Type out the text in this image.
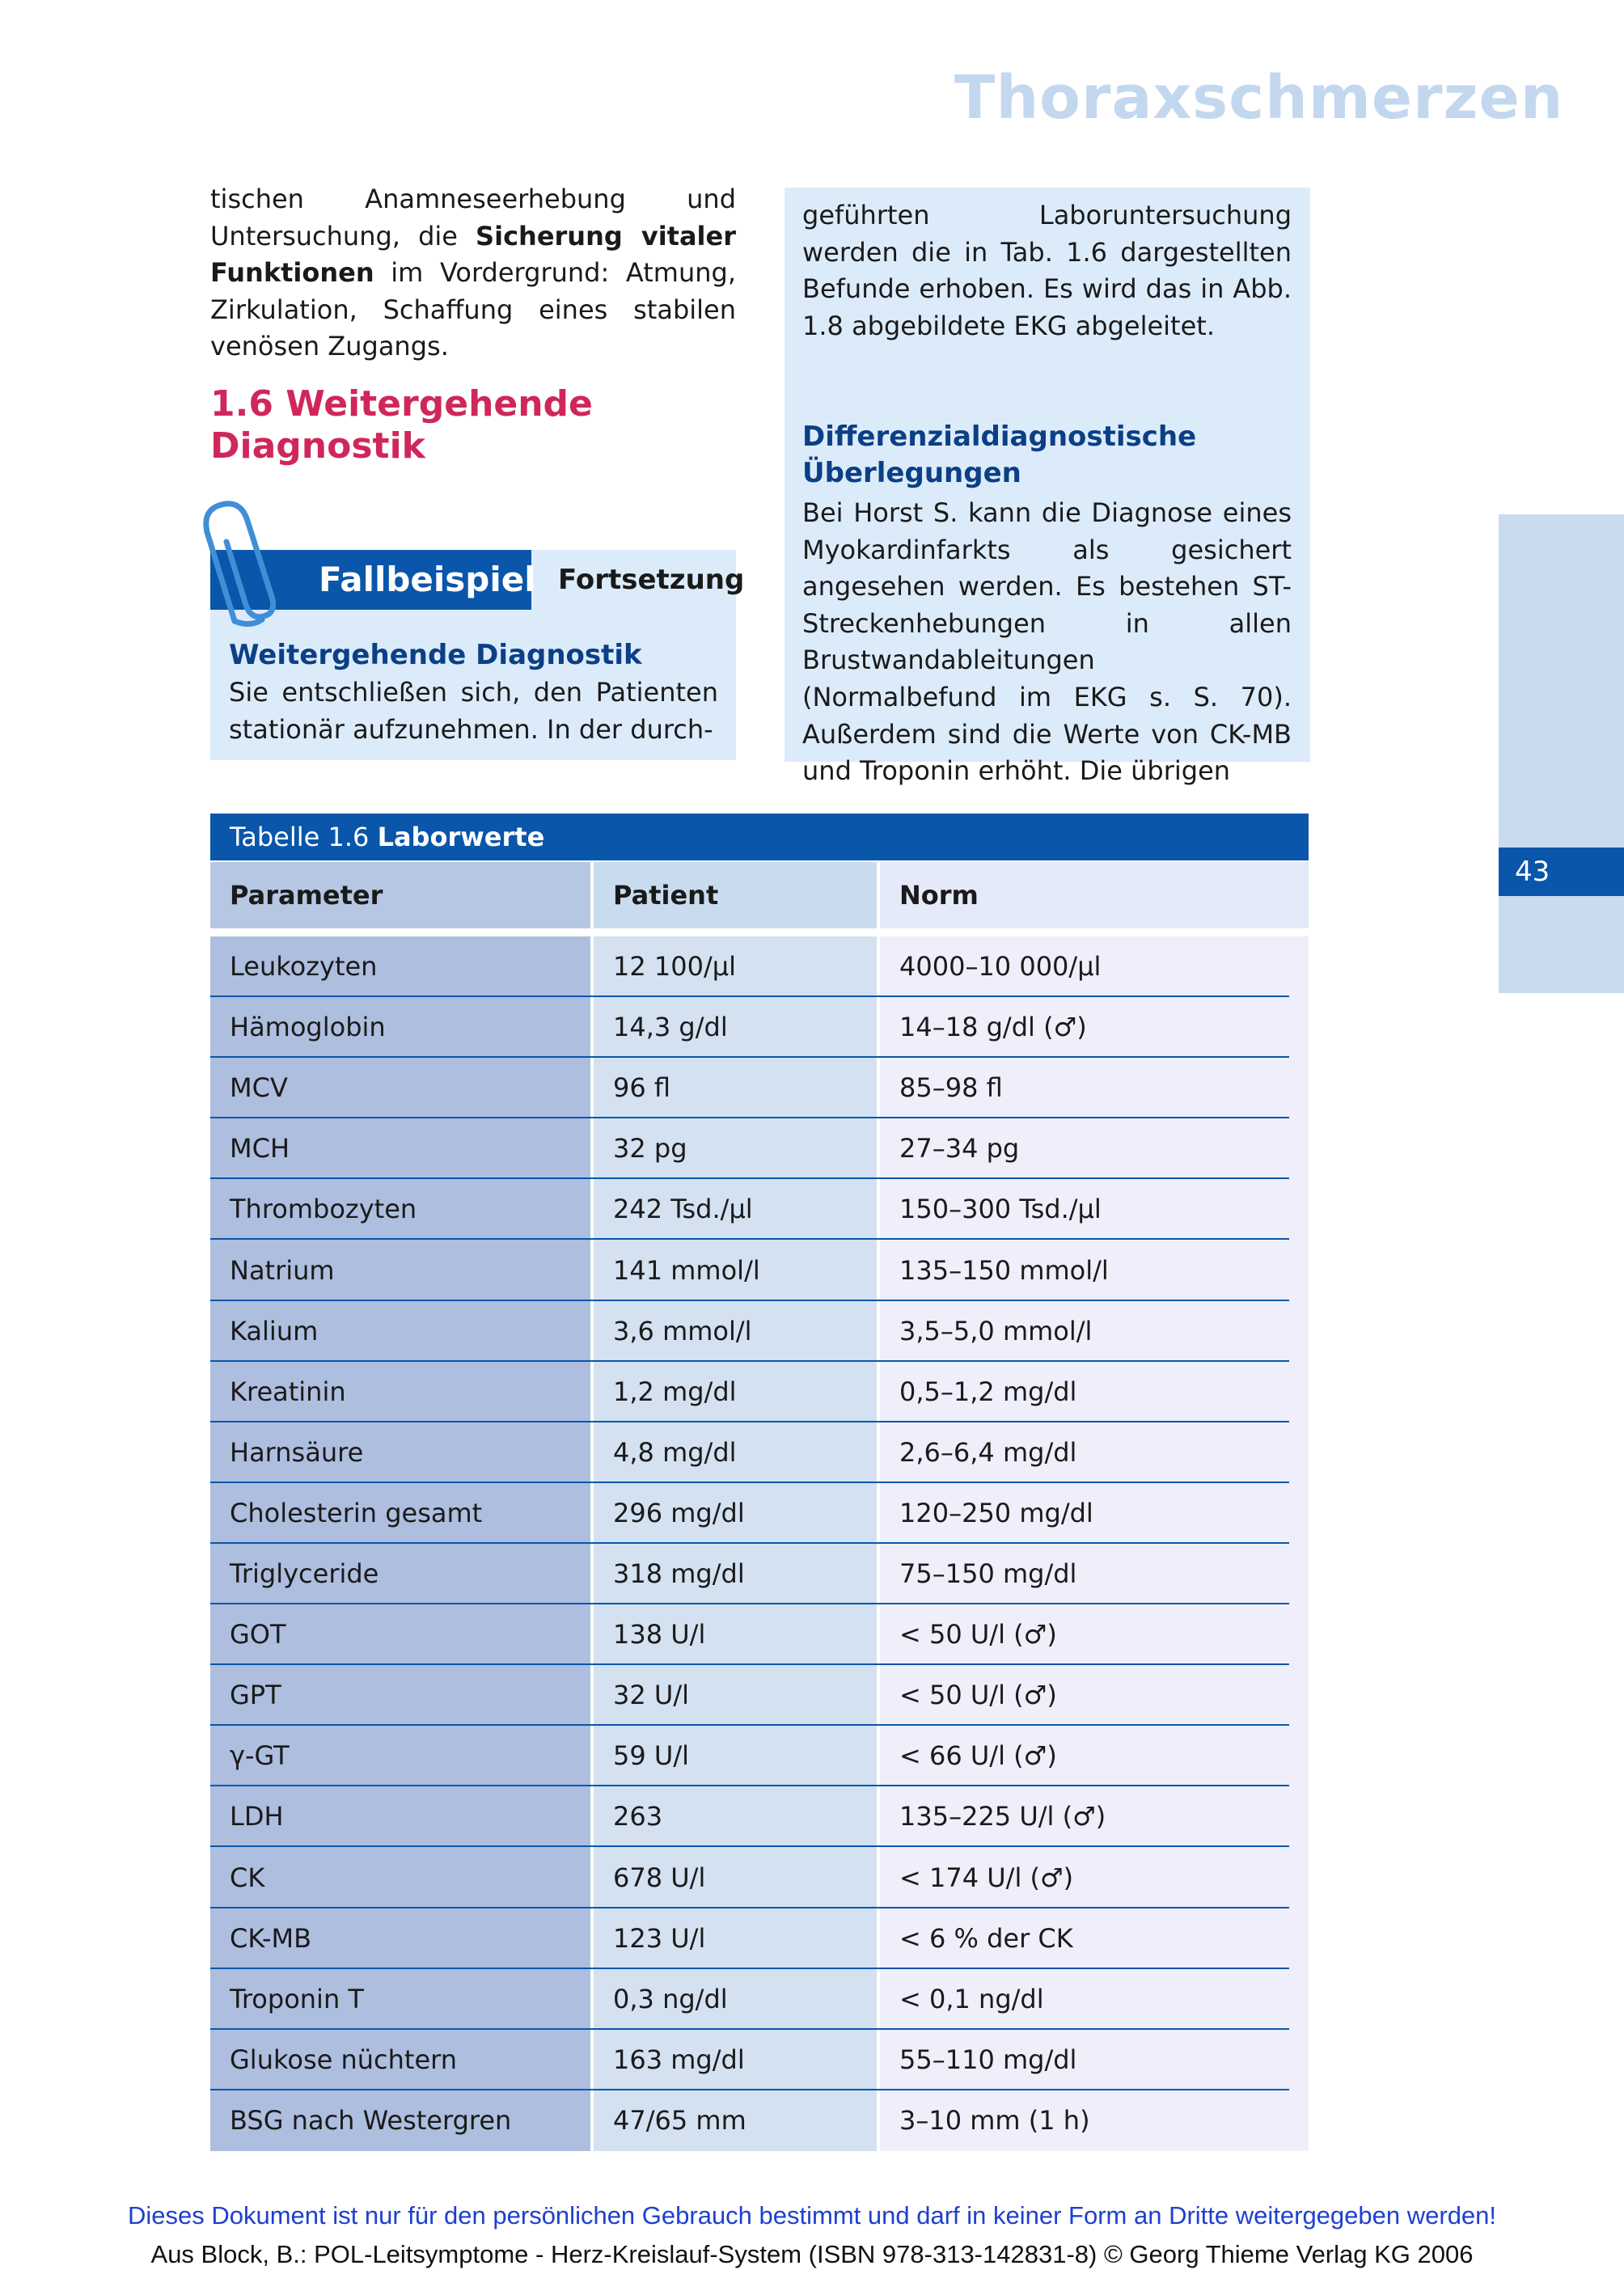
Thoraxschmerzen
43
tischen Anamneseerhebung und Untersuchung, die Sicherung vitaler Funktionen im Vordergrund: Atmung, Zirkulation, Schaffung eines stabilen venösen Zugangs.
1.6 Weitergehende Diagnostik
Fallbeispiel Fortsetzung
Weitergehende Diagnostik
Sie entschließen sich, den Patienten stationär aufzunehmen. In der durch-
geführten Laboruntersuchung werden die in Tab. 1.6 dargestellten Befunde erhoben. Es wird das in Abb. 1.8 abgebildete EKG abgeleitet.
Differenzialdiagnostische Überlegungen
Bei Horst S. kann die Diagnose eines Myokardinfarkts als gesichert angesehen werden. Es bestehen ST-Streckenhebungen in allen Brustwandableitungen (Normalbefund im EKG s. S. 70). Außerdem sind die Werte von CK-MB und Troponin erhöht. Die übrigen
Tabelle 1.6 Laborwerte
Parameter	Patient	Norm
Leukozyten	12 100/µl	4000–10 000/µl
Hämoglobin	14,3 g/dl	14–18 g/dl (♂)
MCV	96 fl	85–98 fl
MCH	32 pg	27–34 pg
Thrombozyten	242 Tsd./µl	150–300 Tsd./µl
Natrium	141 mmol/l	135–150 mmol/l
Kalium	3,6 mmol/l	3,5–5,0 mmol/l
Kreatinin	1,2 mg/dl	0,5–1,2 mg/dl
Harnsäure	4,8 mg/dl	2,6–6,4 mg/dl
Cholesterin gesamt	296 mg/dl	120–250 mg/dl
Triglyceride	318 mg/dl	75–150 mg/dl
GOT	138 U/l	< 50 U/l (♂)
GPT	32 U/l	< 50 U/l (♂)
γ-GT	59 U/l	< 66 U/l (♂)
LDH	263	135–225 U/l (♂)
CK	678 U/l	< 174 U/l (♂)
CK-MB	123 U/l	< 6 % der CK
Troponin T	0,3 ng/dl	< 0,1 ng/dl
Glukose nüchtern	163 mg/dl	55–110 mg/dl
BSG nach Westergren	47/65 mm	3–10 mm (1 h)
Dieses Dokument ist nur für den persönlichen Gebrauch bestimmt und darf in keiner Form an Dritte weitergegeben werden!
Aus Block, B.: POL-Leitsymptome - Herz-Kreislauf-System (ISBN 978-313-142831-8) © Georg Thieme Verlag KG 2006
